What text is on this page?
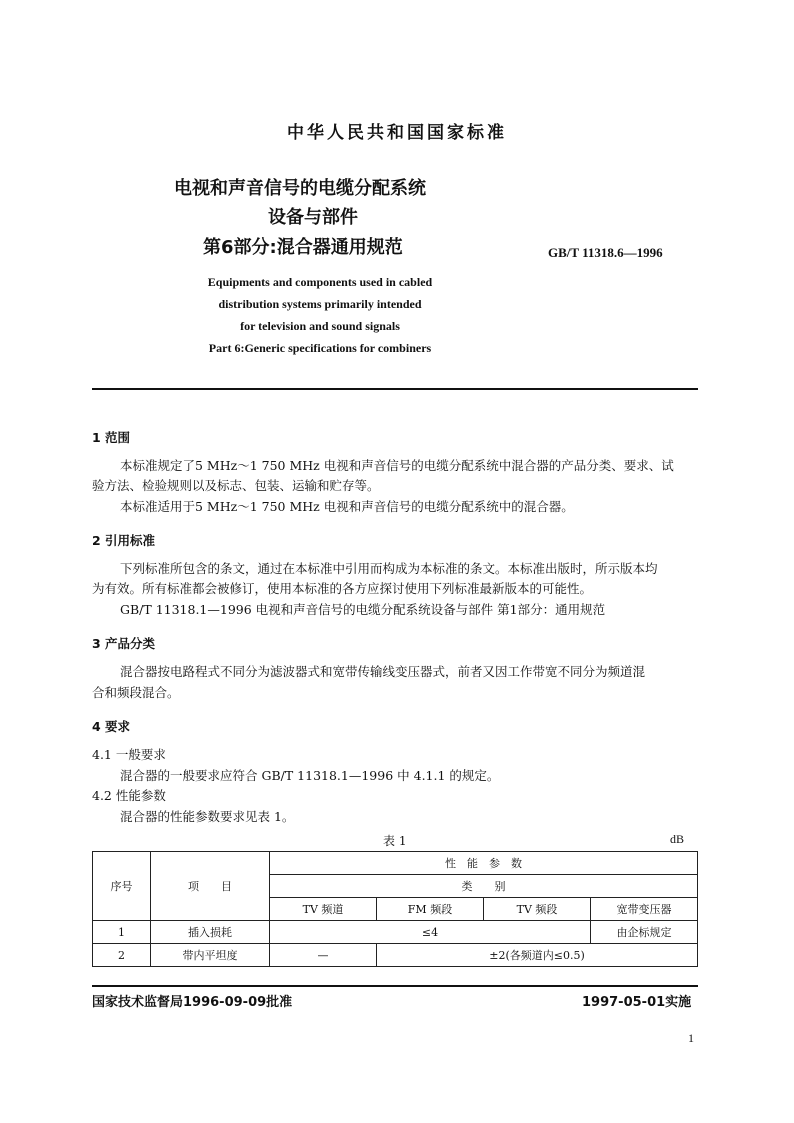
中华人民共和国国家标准
电视和声音信号的电缆分配系统
设备与部件
第6部分:混合器通用规范	GB/T 11318.6—1996
Equipments and components used in cabled
distribution systems primarily intended
for television and sound signals
Part 6:Generic specifications for combiners
1 范围
本标准规定了5 MHz～1 750 MHz 电视和声音信号的电缆分配系统中混合器的产品分类、要求、试
验方法、检验规则以及标志、包装、运输和贮存等。
本标准适用于5 MHz～1 750 MHz 电视和声音信号的电缆分配系统中的混合器。
2 引用标准
下列标准所包含的条文，通过在本标准中引用而构成为本标准的条文。本标准出版时，所示版本均
为有效。所有标准都会被修订，使用本标准的各方应探讨使用下列标准最新版本的可能性。
GB/T 11318.1—1996 电视和声音信号的电缆分配系统设备与部件 第1部分：通用规范
3 产品分类
混合器按电路程式不同分为滤波器式和宽带传输线变压器式，前者又因工作带宽不同分为频道混
合和频段混合。
4 要求
4.1 一般要求
混合器的一般要求应符合 GB/T 11318.1—1996 中 4.1.1 的规定。
4.2 性能参数
混合器的性能参数要求见表 1。
表 1	dB
序号	项　　目	性　能　参　数			
		类　　别			
		TV 频道	FM 频段	TV 频段	宽带变压器
1	插入损耗	≤4			由企标规定
2	带内平坦度	—	±2(各频道内≤0.5)		
国家技术监督局1996-09-09批准	1997-05-01实施
1
